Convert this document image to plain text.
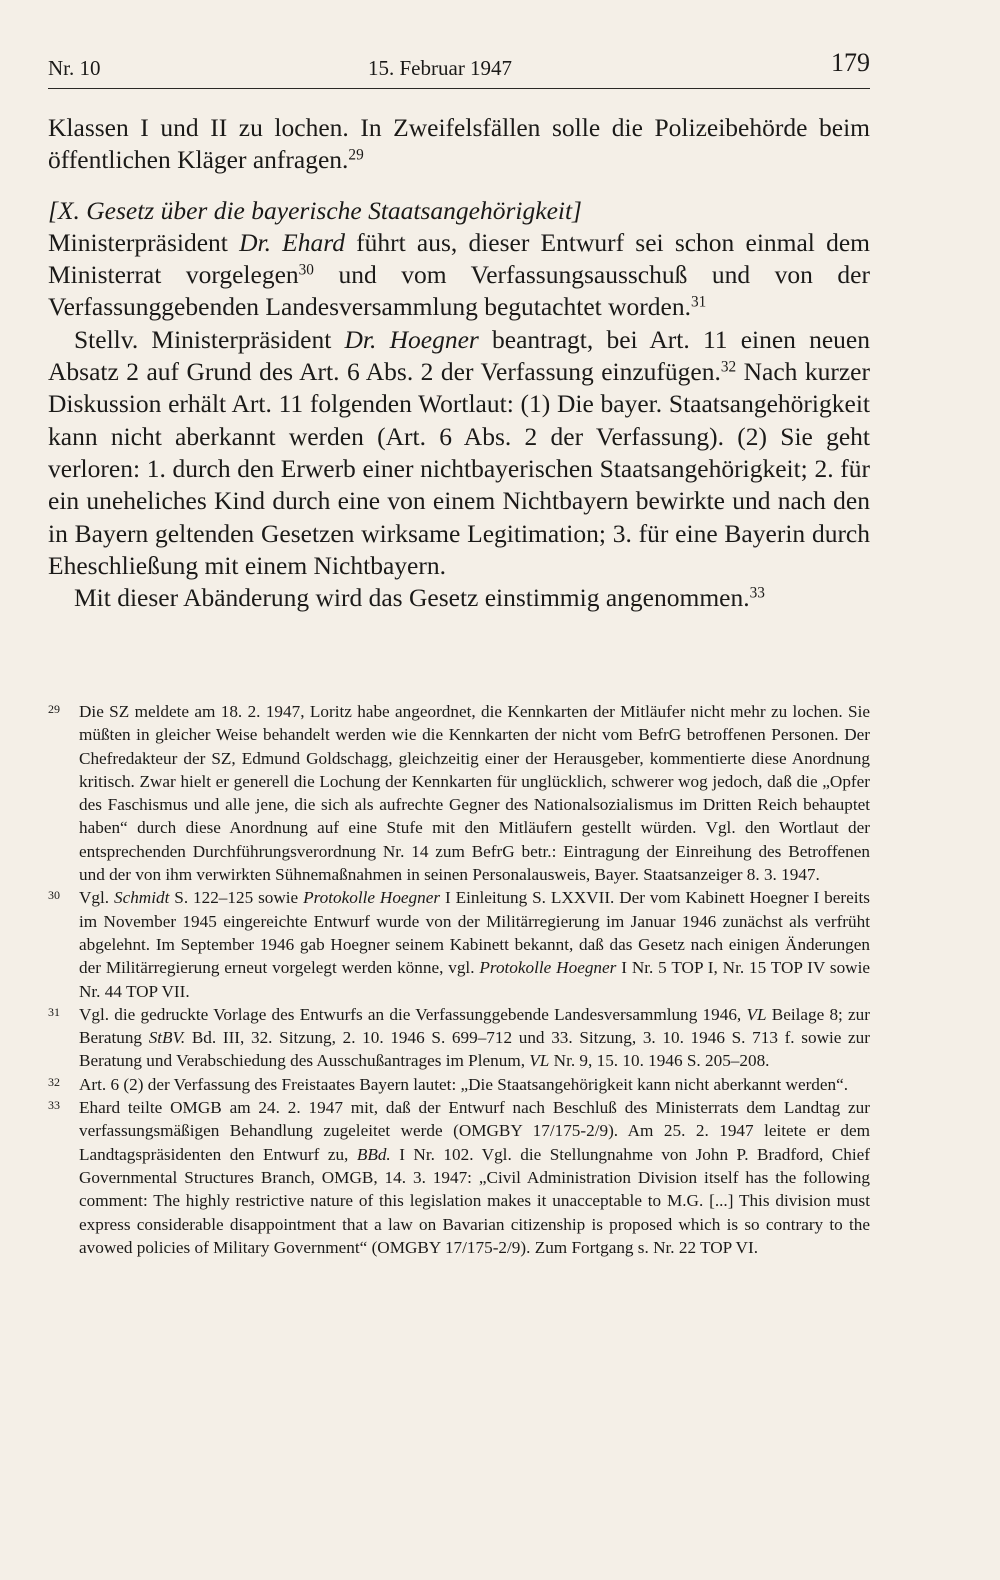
Nr. 10	15. Februar 1947	179

Klassen I und II zu lochen. In Zweifelsfällen solle die Polizeibehörde beim öffentlichen Kläger anfragen.$^{29}$

[X. Gesetz über die bayerische Staatsangehörigkeit]

Ministerpräsident Dr. Ehard führt aus, dieser Entwurf sei schon einmal dem Ministerrat vorgelegen$^{30}$ und vom Verfassungsausschuß und von der Verfassunggebenden Landesversammlung begutachtet worden.$^{31}$

Stellv. Ministerpräsident Dr. Hoegner beantragt, bei Art. 11 einen neuen Absatz 2 auf Grund des Art. 6 Abs. 2 der Verfassung einzufügen.$^{32}$ Nach kurzer Diskussion erhält Art. 11 folgenden Wortlaut: (1) Die bayer. Staatsangehörigkeit kann nicht aberkannt werden (Art. 6 Abs. 2 der Verfassung). (2) Sie geht verloren: 1. durch den Erwerb einer nichtbayerischen Staatsangehörigkeit; 2. für ein uneheliches Kind durch eine von einem Nichtbayern bewirkte und nach den in Bayern geltenden Gesetzen wirksame Legitimation; 3. für eine Bayerin durch Eheschließung mit einem Nichtbayern.

Mit dieser Abänderung wird das Gesetz einstimmig angenommen.$^{33}$

29 Die SZ meldete am 18. 2. 1947, Loritz habe angeordnet, die Kennkarten der Mitläufer nicht mehr zu lochen. Sie müßten in gleicher Weise behandelt werden wie die Kennkarten der nicht vom BefrG betroffenen Personen. Der Chefredakteur der SZ, Edmund Goldschagg, gleichzeitig einer der Herausgeber, kommentierte diese Anordnung kritisch. Zwar hielt er generell die Lochung der Kennkarten für unglücklich, schwerer wog jedoch, daß die „Opfer des Faschismus und alle jene, die sich als aufrechte Gegner des Nationalsozialismus im Dritten Reich behauptet haben“ durch diese Anordnung auf eine Stufe mit den Mitläufern gestellt würden. Vgl. den Wortlaut der entsprechenden Durchführungsverordnung Nr. 14 zum BefrG betr.: Eintragung der Einreihung des Betroffenen und der von ihm verwirkten Sühnemaßnahmen in seinen Personalausweis, Bayer. Staatsanzeiger 8. 3. 1947.
30 Vgl. Schmidt S. 122–125 sowie Protokolle Hoegner I Einleitung S. LXXVII. Der vom Kabinett Hoegner I bereits im November 1945 eingereichte Entwurf wurde von der Militärregierung im Januar 1946 zunächst als verfrüht abgelehnt. Im September 1946 gab Hoegner seinem Kabinett bekannt, daß das Gesetz nach einigen Änderungen der Militärregierung erneut vorgelegt werden könne, vgl. Protokolle Hoegner I Nr. 5 TOP I, Nr. 15 TOP IV sowie Nr. 44 TOP VII.
31 Vgl. die gedruckte Vorlage des Entwurfs an die Verfassunggebende Landesversammlung 1946, VL Beilage 8; zur Beratung StBV. Bd. III, 32. Sitzung, 2. 10. 1946 S. 699–712 und 33. Sitzung, 3. 10. 1946 S. 713 f. sowie zur Beratung und Verabschiedung des Ausschußantrages im Plenum, VL Nr. 9, 15. 10. 1946 S. 205–208.
32 Art. 6 (2) der Verfassung des Freistaates Bayern lautet: „Die Staatsangehörigkeit kann nicht aberkannt werden“.
33 Ehard teilte OMGB am 24. 2. 1947 mit, daß der Entwurf nach Beschluß des Ministerrats dem Landtag zur verfassungsmäßigen Behandlung zugeleitet werde (OMGBY 17/175-2/9). Am 25. 2. 1947 leitete er dem Landtagspräsidenten den Entwurf zu, BBd. I Nr. 102. Vgl. die Stellungnahme von John P. Bradford, Chief Governmental Structures Branch, OMGB, 14. 3. 1947: „Civil Administration Division itself has the following comment: The highly restrictive nature of this legislation makes it unacceptable to M.G. [...] This division must express considerable disappointment that a law on Bavarian citizenship is proposed which is so contrary to the avowed policies of Military Government“ (OMGBY 17/175-2/9). Zum Fortgang s. Nr. 22 TOP VI.
